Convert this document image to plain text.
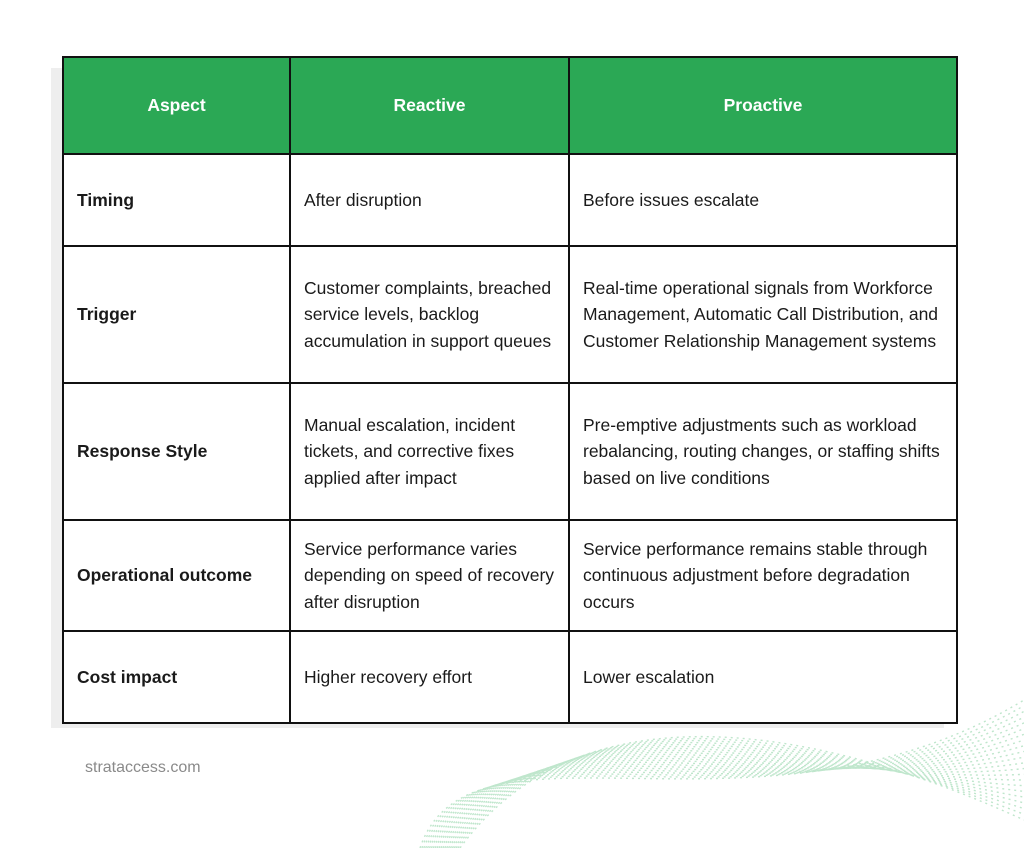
Aspect	Reactive	Proactive
Timing	After disruption	Before issues escalate
Trigger	Customer complaints, breached service levels, backlog accumulation in support queues	Real-time operational signals from Workforce Management, Automatic Call Distribution, and Customer Relationship Management systems
Response Style	Manual escalation, incident tickets, and corrective fixes applied after impact	Pre-emptive adjustments such as workload rebalancing, routing changes, or staffing shifts based on live conditions
Operational outcome	Service performance varies depending on speed of recovery after disruption	Service performance remains stable through continuous adjustment before degradation occurs
Cost impact	Higher recovery effort	Lower escalation
strataccess.com
